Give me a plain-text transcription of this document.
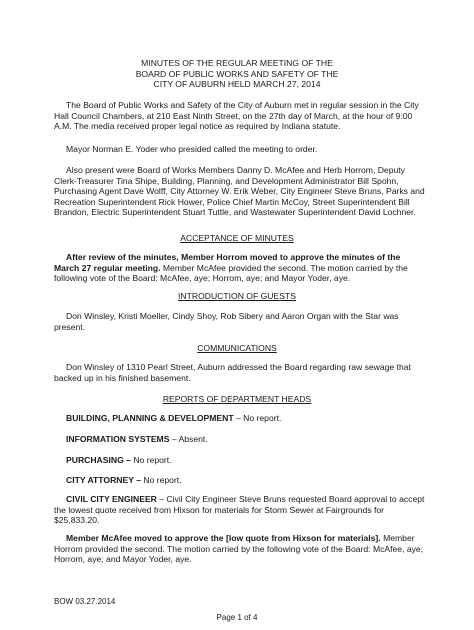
MINUTES OF THE REGULAR MEETING OF THE
BOARD OF PUBLIC WORKS AND SAFETY OF THE
CITY OF AUBURN HELD MARCH 27, 2014
The Board of Public Works and Safety of the City of Auburn met in regular session in the City Hall Council Chambers, at 210 East Ninth Street, on the 27th day of March, at the hour of 9:00 A.M. The media received proper legal notice as required by Indiana statute.
Mayor Norman E. Yoder who presided called the meeting to order.
Also present were Board of Works Members Danny D. McAfee and Herb Horrom, Deputy Clerk-Treasurer Tina Shipe, Building, Planning, and Development Administrator Bill Spohn, Purchasing Agent Dave Wolff, City Attorney W. Erik Weber, City Engineer Steve Bruns, Parks and Recreation Superintendent Rick Hower, Police Chief Martin McCoy, Street Superintendent Bill Brandon, Electric Superintendent Stuart Tuttle, and Wastewater Superintendent David Lochner.
ACCEPTANCE OF MINUTES
After review of the minutes, Member Horrom moved to approve the minutes of the March 27 regular meeting. Member McAfee provided the second. The motion carried by the following vote of the Board: McAfee, aye; Horrom, aye; and Mayor Yoder, aye.
INTRODUCTION OF GUESTS
Don Winsley, Kristi Moeller, Cindy Shoy, Rob Sibery and Aaron Organ with the Star was present.
COMMUNICATIONS
Don Winsley of 1310 Pearl Street, Auburn addressed the Board regarding raw sewage that backed up in his finished basement.
REPORTS OF DEPARTMENT HEADS
BUILDING, PLANNING & DEVELOPMENT – No report.
INFORMATION SYSTEMS – Absent.
PURCHASING – No report.
CITY ATTORNEY – No report.
CIVIL CITY ENGINEER – Civil City Engineer Steve Bruns requested Board approval to accept the lowest quote received from Hixson for materials for Storm Sewer at Fairgrounds for $25,833.20.
Member McAfee moved to approve the [low quote from Hixson for materials]. Member Horrom provided the second. The motion carried by the following vote of the Board: McAfee, aye; Horrom, aye; and Mayor Yoder, aye.
BOW 03.27.2014
Page 1 of 4
